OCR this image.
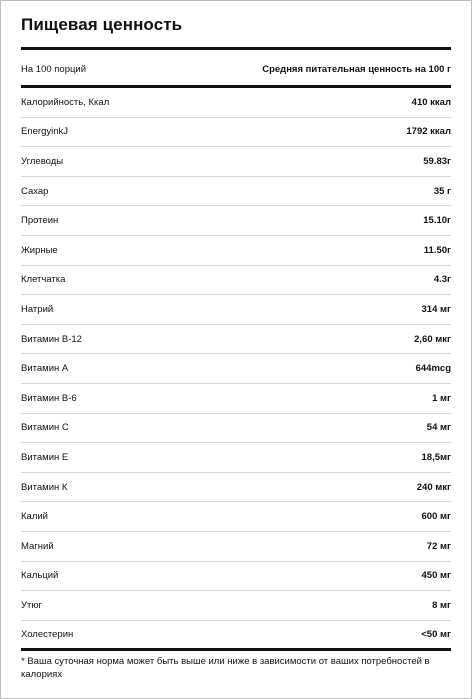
Пищевая ценность
На 100 порций	Средняя питательная ценность на 100 г
Калорийность, Ккал	410 ккал
EnergyinkJ	1792 ккал
Углеводы	59.83г
Сахар	35 г
Протеин	15.10г
Жирные	11.50г
Клетчатка	4.3г
Натрий	314 мг
Витамин В-12	2,60 мкг
Витамин А	644mcg
Витамин В-6	1 мг
Витамин С	54 мг
Витамин Е	18,5мг
Витамин К	240 мкг
Калий	600 мг
Магний	72 мг
Кальций	450 мг
Утюг	8 мг
Холестерин	<50 мг
* Ваша суточная норма может быть выше или ниже в зависимости от ваших потребностей в калориях
